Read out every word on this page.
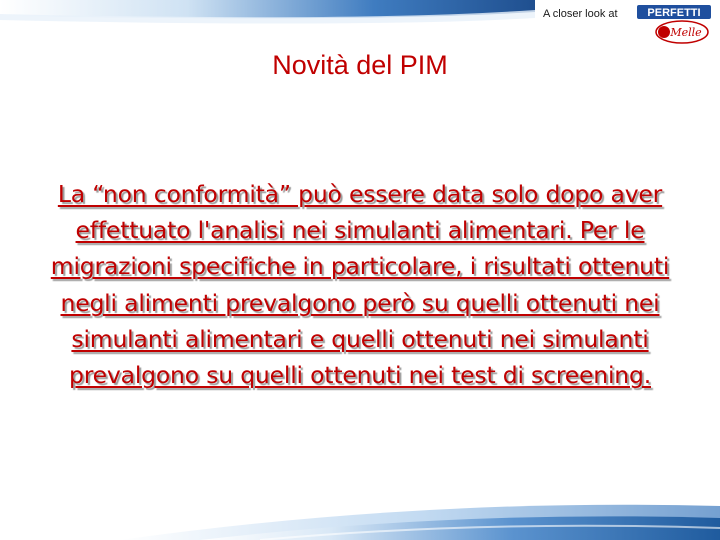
A closer look at	PERFETTI
Melle
Novità del PIM
La “non conformità” può essere data solo dopo aver effettuato l'analisi nei simulanti alimentari. Per le migrazioni specifiche in particolare, i risultati ottenuti negli alimenti prevalgono però su quelli ottenuti nei simulanti alimentari e quelli ottenuti nei simulanti prevalgono su quelli ottenuti nei test di screening.
